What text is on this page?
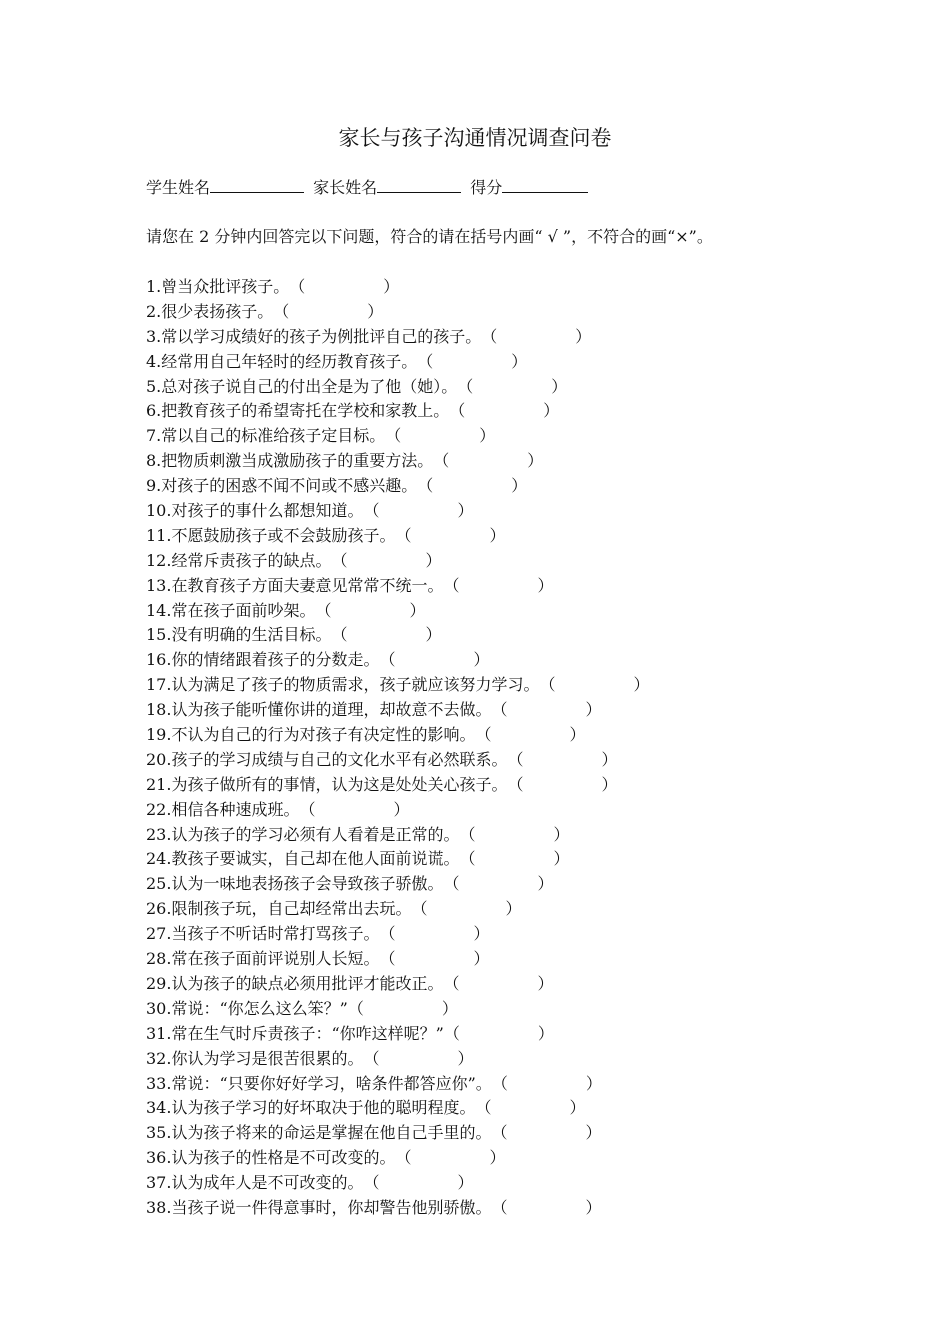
家长与孩子沟通情况调查问卷
学生姓名	家长姓名	得分
请您在 2 分钟内回答完以下问题，符合的请在括号内画“ √ ”，不符合的画“×”。
1.曾当众批评孩子。（	）
2.很少表扬孩子。（	）
3.常以学习成绩好的孩子为例批评自己的孩子。（	）
4.经常用自己年轻时的经历教育孩子。（	）
5.总对孩子说自己的付出全是为了他（她）。（	）
6.把教育孩子的希望寄托在学校和家教上。（	）
7.常以自己的标准给孩子定目标。（	）
8.把物质刺激当成激励孩子的重要方法。（	）
9.对孩子的困惑不闻不问或不感兴趣。（	）
10.对孩子的事什么都想知道。（	）
11.不愿鼓励孩子或不会鼓励孩子。（	）
12.经常斥责孩子的缺点。（	）
13.在教育孩子方面夫妻意见常常不统一。（	）
14.常在孩子面前吵架。（	）
15.没有明确的生活目标。（	）
16.你的情绪跟着孩子的分数走。（	）
17.认为满足了孩子的物质需求，孩子就应该努力学习。（	）
18.认为孩子能听懂你讲的道理，却故意不去做。（	）
19.不认为自己的行为对孩子有决定性的影响。（	）
20.孩子的学习成绩与自己的文化水平有必然联系。（	）
21.为孩子做所有的事情，认为这是处处关心孩子。（	）
22.相信各种速成班。（	）
23.认为孩子的学习必须有人看着是正常的。（	）
24.教孩子要诚实，自己却在他人面前说谎。（	）
25.认为一味地表扬孩子会导致孩子骄傲。（	）
26.限制孩子玩，自己却经常出去玩。（	）
27.当孩子不听话时常打骂孩子。（	）
28.常在孩子面前评说别人长短。（	）
29.认为孩子的缺点必须用批评才能改正。（	）
30.常说：“你怎么这么笨？”（	）
31.常在生气时斥责孩子：“你咋这样呢？”（	）
32.你认为学习是很苦很累的。（	）
33.常说：“只要你好好学习，啥条件都答应你”。（	）
34.认为孩子学习的好坏取决于他的聪明程度。（	）
35.认为孩子将来的命运是掌握在他自己手里的。（	）
36.认为孩子的性格是不可改变的。（	）
37.认为成年人是不可改变的。（	）
38.当孩子说一件得意事时，你却警告他别骄傲。（	）
